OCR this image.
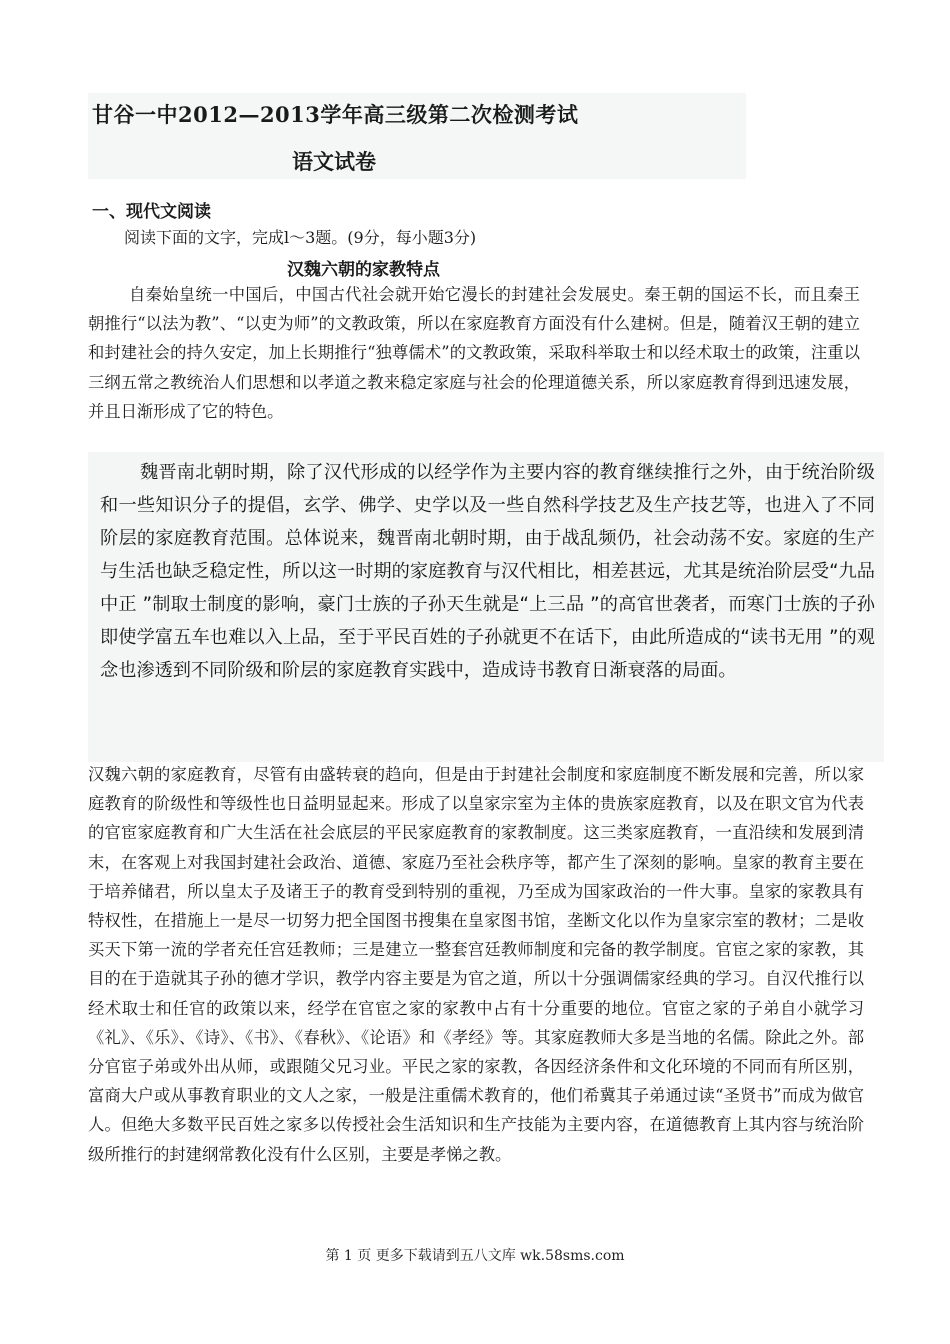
甘谷一中2012—2013学年高三级第二次检测考试
语文试卷
一、现代文阅读
阅读下面的文字，完成l～3题。(9分，每小题3分)
汉魏六朝的家教特点
自秦始皇统一中国后，中国古代社会就开始它漫长的封建社会发展史。秦王朝的国运不长，而且秦王朝推行“以法为教”、“以吏为师”的文教政策，所以在家庭教育方面没有什么建树。但是，随着汉王朝的建立和封建社会的持久安定，加上长期推行“独尊儒术”的文教政策，采取科举取士和以经术取士的政策，注重以三纲五常之教统治人们思想和以孝道之教来稳定家庭与社会的伦理道德关系，所以家庭教育得到迅速发展，并且日渐形成了它的特色。
魏晋南北朝时期，除了汉代形成的以经学作为主要内容的教育继续推行之外，由于统治阶级和一些知识分子的提倡，玄学、佛学、史学以及一些自然科学技艺及生产技艺等，也进入了不同阶层的家庭教育范围。总体说来，魏晋南北朝时期，由于战乱频仍，社会动荡不安。家庭的生产与生活也缺乏稳定性，所以这一时期的家庭教育与汉代相比，相差甚远，尤其是统治阶层受“九品中正 ”制取士制度的影响，豪门士族的子孙天生就是“上三品 ”的高官世袭者，而寒门士族的子孙即使学富五车也难以入上品，至于平民百姓的子孙就更不在话下，由此所造成的“读书无用 ”的观念也渗透到不同阶级和阶层的家庭教育实践中，造成诗书教育日渐衰落的局面。
汉魏六朝的家庭教育，尽管有由盛转衰的趋向，但是由于封建社会制度和家庭制度不断发展和完善，所以家庭教育的阶级性和等级性也日益明显起来。形成了以皇家宗室为主体的贵族家庭教育，以及在职文官为代表的官宦家庭教育和广大生活在社会底层的平民家庭教育的家教制度。这三类家庭教育，一直沿续和发展到清末，在客观上对我国封建社会政治、道德、家庭乃至社会秩序等，都产生了深刻的影响。皇家的教育主要在于培养储君，所以皇太子及诸王子的教育受到特别的重视，乃至成为国家政治的一件大事。皇家的家教具有特权性，在措施上一是尽一切努力把全国图书搜集在皇家图书馆，垄断文化以作为皇家宗室的教材；二是收买天下第一流的学者充任宫廷教师；三是建立一整套宫廷教师制度和完备的教学制度。官宦之家的家教，其目的在于造就其子孙的德才学识，教学内容主要是为官之道，所以十分强调儒家经典的学习。自汉代推行以经术取士和任官的政策以来，经学在官宦之家的家教中占有十分重要的地位。官宦之家的子弟自小就学习《礼》、《乐》、《诗》、《书》、《春秋》、《论语》和《孝经》等。其家庭教师大多是当地的名儒。除此之外。部分官宦子弟或外出从师，或跟随父兄习业。平民之家的家教，各因经济条件和文化环境的不同而有所区别，富商大户或从事教育职业的文人之家，一般是注重儒术教育的，他们希冀其子弟通过读“圣贤书”而成为做官人。但绝大多数平民百姓之家多以传授社会生活知识和生产技能为主要内容，在道德教育上其内容与统治阶级所推行的封建纲常教化没有什么区别，主要是孝悌之教。
第 1 页 更多下载请到五八文库 wk.58sms.com
